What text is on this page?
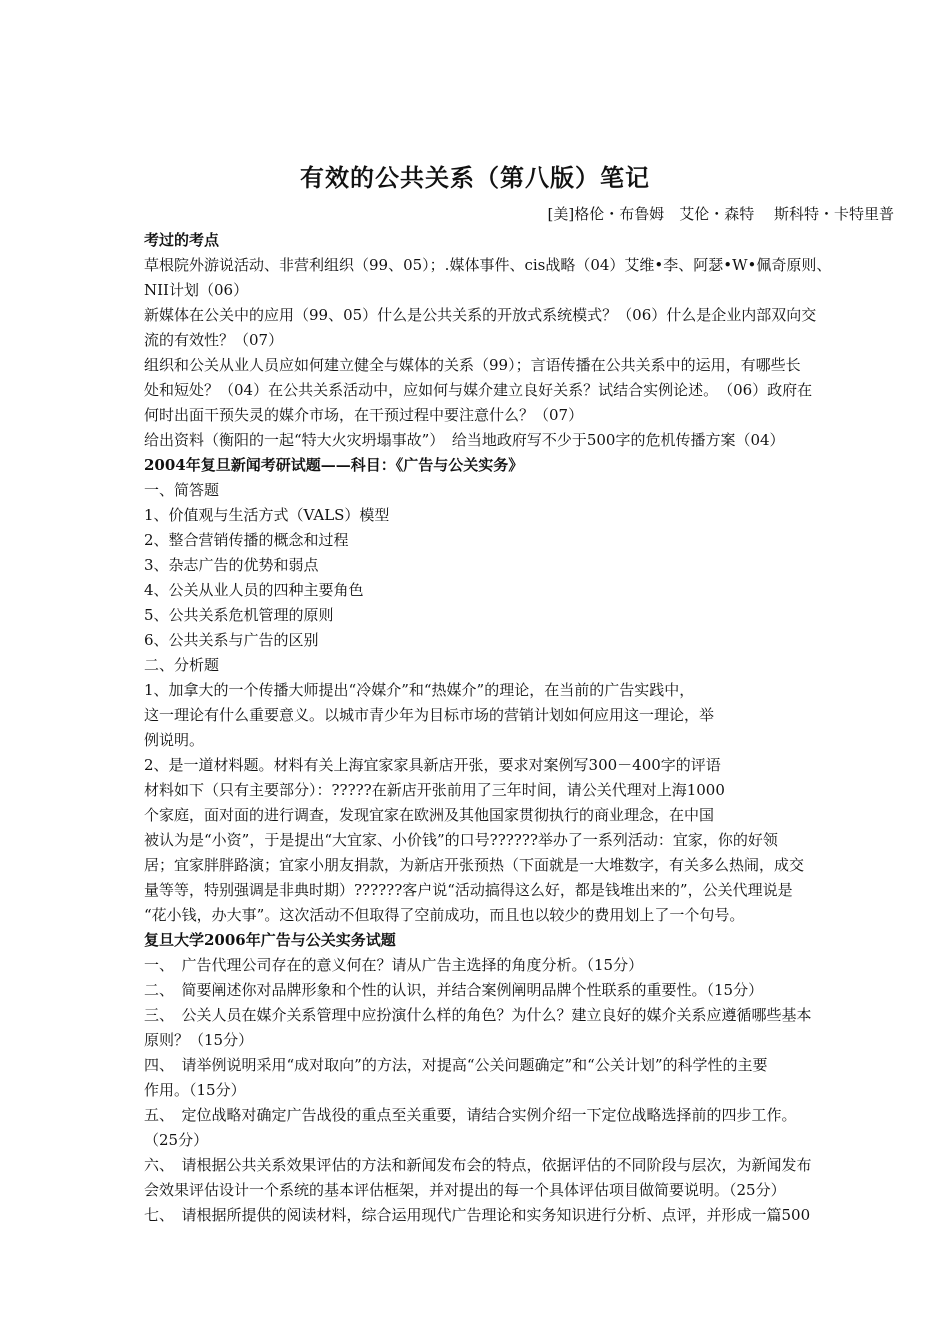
有效的公共关系（第八版）笔记
[美]格伦・布鲁姆　艾伦・森特　 斯科特・卡特里普
考过的考点
草根院外游说活动、非营利组织（99、05）；.媒体事件、cis战略（04）艾维•李、阿瑟•W•佩奇原则、
NII计划（06）
新媒体在公关中的应用（99、05）什么是公共关系的开放式系统模式？（06）什么是企业内部双向交
流的有效性？（07）
组织和公关从业人员应如何建立健全与媒体的关系（99）；言语传播在公共关系中的运用，有哪些长
处和短处？（04）在公共关系活动中，应如何与媒介建立良好关系？试结合实例论述。　（06）政府在
何时出面干预失灵的媒介市场，在干预过程中要注意什么？（07）
给出资料（衡阳的一起“特大火灾坍塌事故”）　给当地政府写不少于500字的危机传播方案（04）
2004年复旦新闻考研试题——科目：《广告与公关实务》
一、简答题
1、价值观与生活方式（VALS）模型
2、整合营销传播的概念和过程
3、杂志广告的优势和弱点
4、公关从业人员的四种主要角色
5、公共关系危机管理的原则
6、公共关系与广告的区别
二、分析题
1、加拿大的一个传播大师提出“冷媒介”和“热媒介”的理论，在当前的广告实践中，
这一理论有什么重要意义。以城市青少年为目标市场的营销计划如何应用这一理论，举
例说明。
2、是一道材料题。材料有关上海宜家家具新店开张，要求对案例写300－400字的评语
材料如下（只有主要部分）：?????在新店开张前用了三年时间，请公关代理对上海1000
个家庭，面对面的进行调查，发现宜家在欧洲及其他国家贯彻执行的商业理念，在中国
被认为是“小资”，于是提出“大宜家、小价钱”的口号??????举办了一系列活动：宜家，你的好领
居；宜家胖胖路演；宜家小朋友捐款，为新店开张预热（下面就是一大堆数字，有关多么热闹，成交
量等等，特别强调是非典时期）??????客户说“活动搞得这么好，都是钱堆出来的”，公关代理说是
“花小钱，办大事”。这次活动不但取得了空前成功，而且也以较少的费用划上了一个句号。
复旦大学2006年广告与公关实务试题
一、　广告代理公司存在的意义何在？请从广告主选择的角度分析。（15分）
二、　简要阐述你对品牌形象和个性的认识，并结合案例阐明品牌个性联系的重要性。（15分）
三、　公关人员在媒介关系管理中应扮演什么样的角色？为什么？建立良好的媒介关系应遵循哪些基本
原则？（15分）
四、　请举例说明采用“成对取向”的方法，对提高“公关问题确定”和“公关计划”的科学性的主要
作用。（15分）
五、　定位战略对确定广告战役的重点至关重要，请结合实例介绍一下定位战略选择前的四步工作。
（25分）
六、　请根据公共关系效果评估的方法和新闻发布会的特点，依据评估的不同阶段与层次，为新闻发布
会效果评估设计一个系统的基本评估框架，并对提出的每一个具体评估项目做简要说明。（25分）
七、　请根据所提供的阅读材料，综合运用现代广告理论和实务知识进行分析、点评，并形成一篇500
